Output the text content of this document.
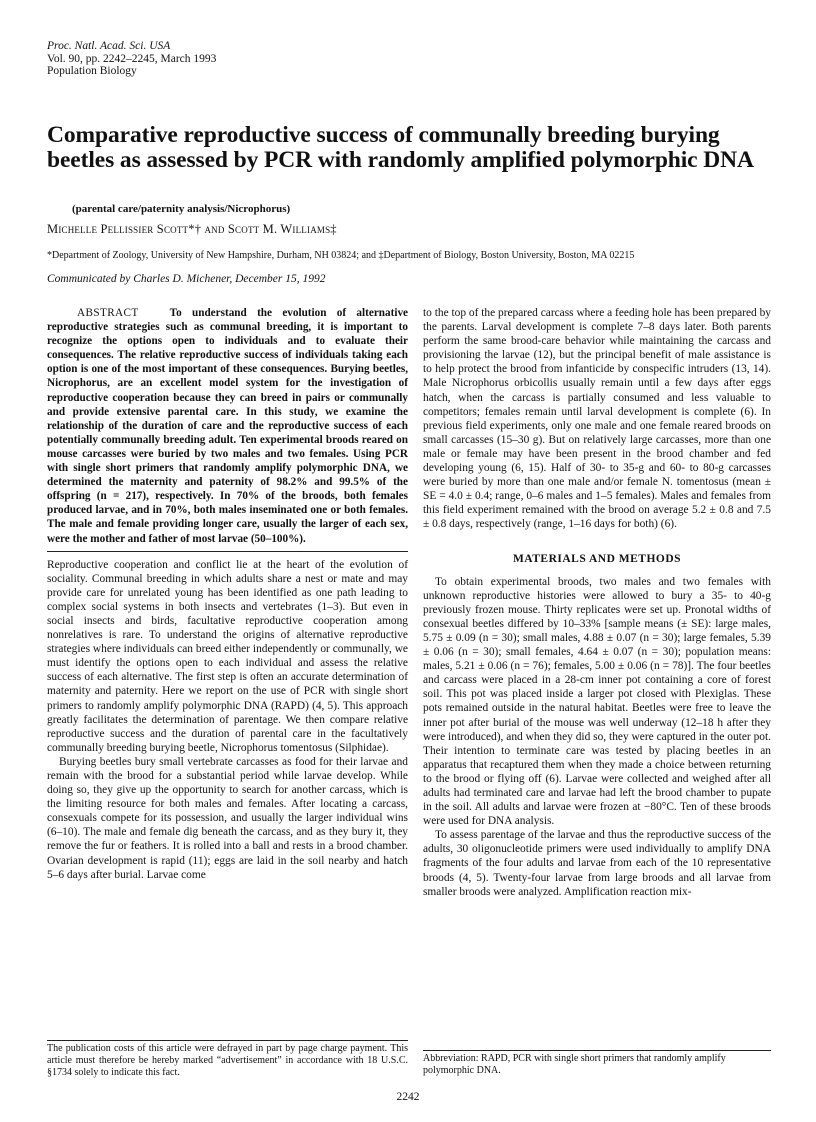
Proc. Natl. Acad. Sci. USA
Vol. 90, pp. 2242–2245, March 1993
Population Biology
Comparative reproductive success of communally breeding burying beetles as assessed by PCR with randomly amplified polymorphic DNA
(parental care/paternity analysis/Nicrophorus)
Michelle Pellissier Scott*† and Scott M. Williams‡
*Department of Zoology, University of New Hampshire, Durham, NH 03824; and ‡Department of Biology, Boston University, Boston, MA 02215
Communicated by Charles D. Michener, December 15, 1992
ABSTRACT	To understand the evolution of alternative reproductive strategies such as communal breeding, it is important to recognize the options open to individuals and to evaluate their consequences. The relative reproductive success of individuals taking each option is one of the most important of these consequences. Burying beetles, Nicrophorus, are an excellent model system for the investigation of reproductive cooperation because they can breed in pairs or communally and provide extensive parental care. In this study, we examine the relationship of the duration of care and the reproductive success of each potentially communally breeding adult. Ten experimental broods reared on mouse carcasses were buried by two males and two females. Using PCR with single short primers that randomly amplify polymorphic DNA, we determined the maternity and paternity of 98.2% and 99.5% of the offspring (n = 217), respectively. In 70% of the broods, both females produced larvae, and in 70%, both males inseminated one or both females. The male and female providing longer care, usually the larger of each sex, were the mother and father of most larvae (50–100%).

Reproductive cooperation and conflict lie at the heart of the evolution of sociality. Communal breeding in which adults share a nest or mate and may provide care for unrelated young has been identified as one path leading to complex social systems in both insects and vertebrates (1–3). But even in social insects and birds, facultative reproductive cooperation among nonrelatives is rare. To understand the origins of alternative reproductive strategies where individuals can breed either independently or communally, we must identify the options open to each individual and assess the relative success of each alternative. The first step is often an accurate determination of maternity and paternity. Here we report on the use of PCR with single short primers to randomly amplify polymorphic DNA (RAPD) (4, 5). This approach greatly facilitates the determination of parentage. We then compare relative reproductive success and the duration of parental care in the facultatively communally breeding burying beetle, Nicrophorus tomentosus (Silphidae).

Burying beetles bury small vertebrate carcasses as food for their larvae and remain with the brood for a substantial period while larvae develop. While doing so, they give up the opportunity to search for another carcass, which is the limiting resource for both males and females. After locating a carcass, consexuals compete for its possession, and usually the larger individual wins (6–10). The male and female dig beneath the carcass, and as they bury it, they remove the fur or feathers. It is rolled into a ball and rests in a brood chamber. Ovarian development is rapid (11); eggs are laid in the soil nearby and hatch 5–6 days after burial. Larvae come

to the top of the prepared carcass where a feeding hole has been prepared by the parents. Larval development is complete 7–8 days later. Both parents perform the same brood-care behavior while maintaining the carcass and provisioning the larvae (12), but the principal benefit of male assistance is to help protect the brood from infanticide by conspecific intruders (13, 14). Male Nicrophorus orbicollis usually remain until a few days after eggs hatch, when the carcass is partially consumed and less valuable to competitors; females remain until larval development is complete (6). In previous field experiments, only one male and one female reared broods on small carcasses (15–30 g). But on relatively large carcasses, more than one male or female may have been present in the brood chamber and fed developing young (6, 15). Half of 30- to 35-g and 60- to 80-g carcasses were buried by more than one male and/or female N. tomentosus (mean ± SE = 4.0 ± 0.4; range, 0–6 males and 1–5 females). Males and females from this field experiment remained with the brood on average 5.2 ± 0.8 and 7.5 ± 0.8 days, respectively (range, 1–16 days for both) (6).

MATERIALS AND METHODS

To obtain experimental broods, two males and two females with unknown reproductive histories were allowed to bury a 35- to 40-g previously frozen mouse. Thirty replicates were set up. Pronotal widths of consexual beetles differed by 10–33% [sample means (± SE): large males, 5.75 ± 0.09 (n = 30); small males, 4.88 ± 0.07 (n = 30); large females, 5.39 ± 0.06 (n = 30); small females, 4.64 ± 0.07 (n = 30); population means: males, 5.21 ± 0.06 (n = 76); females, 5.00 ± 0.06 (n = 78)]. The four beetles and carcass were placed in a 28-cm inner pot containing a core of forest soil. This pot was placed inside a larger pot closed with Plexiglas. These pots remained outside in the natural habitat. Beetles were free to leave the inner pot after burial of the mouse was well underway (12–18 h after they were introduced), and when they did so, they were captured in the outer pot. Their intention to terminate care was tested by placing beetles in an apparatus that recaptured them when they made a choice between returning to the brood or flying off (6). Larvae were collected and weighed after all adults had terminated care and larvae had left the brood chamber to pupate in the soil. All adults and larvae were frozen at −80°C. Ten of these broods were used for DNA analysis.

To assess parentage of the larvae and thus the reproductive success of the adults, 30 oligonucleotide primers were used individually to amplify DNA fragments of the four adults and larvae from each of the 10 representative broods (4, 5). Twenty-four larvae from large broods and all larvae from smaller broods were analyzed. Amplification reaction mix-

The publication costs of this article were defrayed in part by page charge payment. This article must therefore be hereby marked “advertisement” in accordance with 18 U.S.C. §1734 solely to indicate this fact.
Abbreviation: RAPD, PCR with single short primers that randomly amplify polymorphic DNA.
2242
